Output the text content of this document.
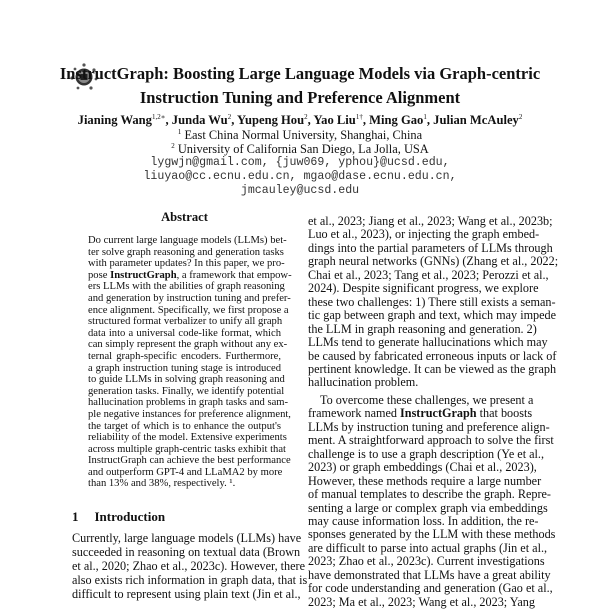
InstructGraph: Boosting Large Language Models via Graph-centric
Instruction Tuning and Preference Alignment
Jianing Wang$^{1,2∗}$, Junda Wu$^2$, Yupeng Hou$^2$, Yao Liu$^{1\dagger}$, Ming Gao$^1$, Julian McAuley$^2$
$^1$ East China Normal University, Shanghai, China
$^2$ University of California San Diego, La Jolla, USA
lygwjn@gmail.com, {juw069, yphou}@ucsd.edu,
liuyao@cc.ecnu.edu.cn, mgao@dase.ecnu.edu.cn,
jmcauley@ucsd.edu
Abstract
Do current large language models (LLMs) bet-
ter solve graph reasoning and generation tasks
with parameter updates? In this paper, we pro-
pose InstructGraph, a framework that empow-
ers LLMs with the abilities of graph reasoning
and generation by instruction tuning and prefer-
ence alignment. Specifically, we first propose a
structured format verbalizer to unify all graph
data into a universal code-like format, which
can simply represent the graph without any ex-
ternal graph-specific encoders. Furthermore,
a graph instruction tuning stage is introduced
to guide LLMs in solving graph reasoning and
generation tasks. Finally, we identify potential
hallucination problems in graph tasks and sam-
ple negative instances for preference alignment,
the target of which is to enhance the output's
reliability of the model. Extensive experiments
across multiple graph-centric tasks exhibit that
InstructGraph can achieve the best performance
and outperform GPT-4 and LLaMA2 by more
than 13% and 38%, respectively. ¹.
1 Introduction
Currently, large language models (LLMs) have
succeeded in reasoning on textual data (Brown
et al., 2020; Zhao et al., 2023c). However, there
also exists rich information in graph data, that is
difficult to represent using plain text (Jin et al.,
et al., 2023; Jiang et al., 2023; Wang et al., 2023b;
Luo et al., 2023), or injecting the graph embed-
dings into the partial parameters of LLMs through
graph neural networks (GNNs) (Zhang et al., 2022;
Chai et al., 2023; Tang et al., 2023; Perozzi et al.,
2024). Despite significant progress, we explore
these two challenges: 1) There still exists a seman-
tic gap between graph and text, which may impede
the LLM in graph reasoning and generation. 2)
LLMs tend to generate hallucinations which may
be caused by fabricated erroneous inputs or lack of
pertinent knowledge. It can be viewed as the graph
hallucination problem.
To overcome these challenges, we present a
framework named InstructGraph that boosts
LLMs by instruction tuning and preference align-
ment. A straightforward approach to solve the first
challenge is to use a graph description (Ye et al.,
2023) or graph embeddings (Chai et al., 2023),
However, these methods require a large number
of manual templates to describe the graph. Repre-
senting a large or complex graph via embeddings
may cause information loss. In addition, the re-
sponses generated by the LLM with these methods
are difficult to parse into actual graphs (Jin et al.,
2023; Zhao et al., 2023c). Current investigations
have demonstrated that LLMs have a great ability
for code understanding and generation (Gao et al.,
2023; Ma et al., 2023; Wang et al., 2023; Yang
